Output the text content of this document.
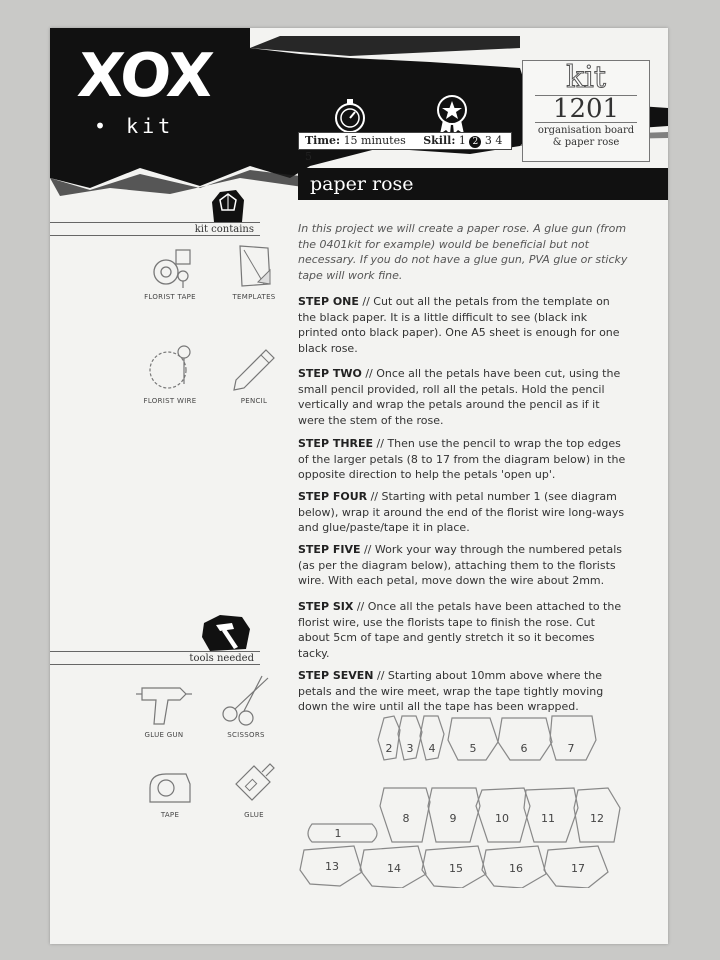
XOX
• kit
Time: 15 minutes Skill: 1 2 3 4 5
kit
1201
organisation board
& paper rose
paper rose
kit contains
FLORIST TAPE	TEMPLATES
FLORIST WIRE	PENCIL
tools needed
GLUE GUN	SCISSORS
TAPE	GLUE
In this project we will create a paper rose. A glue gun (from the 0401kit for example) would be beneficial but not necessary. If you do not have a glue gun, PVA glue or sticky tape will work fine.
STEP ONE // Cut out all the petals from the template on the black paper. It is a little difficult to see (black ink printed onto black paper). One A5 sheet is enough for one black rose.
STEP TWO // Once all the petals have been cut, using the small pencil provided, roll all the petals. Hold the pencil vertically and wrap the petals around the pencil as if it were the stem of the rose.
STEP THREE // Then use the pencil to wrap the top edges of the larger petals (8 to 17 from the diagram below) in the opposite direction to help the petals 'open up'.
STEP FOUR // Starting with petal number 1 (see diagram below), wrap it around the end of the florist wire long-ways and glue/paste/tape it in place.
STEP FIVE // Work your way through the numbered petals (as per the diagram below), attaching them to the florists wire. With each petal, move down the wire about 2mm.
STEP SIX // Once all the petals have been attached to the florist wire, use the florists tape to finish the rose. Cut about 5cm of tape and gently stretch it so it becomes tacky.
STEP SEVEN // Starting about 10mm above where the petals and the wire meet, wrap the tape tightly moving down the wire until all the tape has been wrapped.
2 3 4	5	6	7
1
8	9	10	11	12
13	14	15	16	17
